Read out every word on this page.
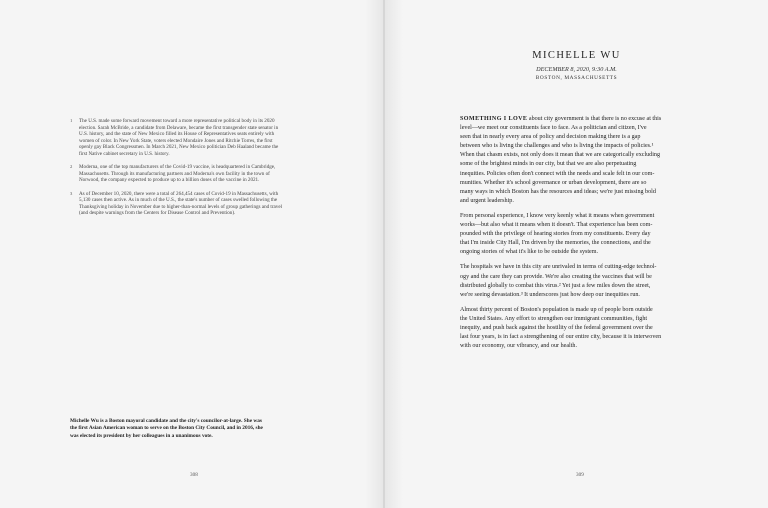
1 The U.S. made some forward movement toward a more representative political body in its 2020
election. Sarah McBride, a candidate from Delaware, became the first transgender state senator in
U.S. history, and the state of New Mexico filled its House of Representatives seats entirely with
women of color. In New York State, voters elected Mondaire Jones and Ritchie Torres, the first
openly gay Black Congressmen. In March 2021, New Mexico politician Deb Haaland became the
first Native cabinet secretary in U.S. history.
2 Moderna, one of the top manufacturers of the Covid-19 vaccine, is headquartered in Cambridge,
Massachusetts. Through its manufacturing partners and Moderna's own facility in the town of
Norwood, the company expected to produce up to a billion doses of the vaccine in 2021.
3 As of December 10, 2020, there were a total of 264,454 cases of Covid-19 in Massachusetts, with
5,130 cases then active. As in much of the U.S., the state's number of cases swelled following the
Thanksgiving holiday in November due to higher-than-normal levels of group gatherings and travel
(and despite warnings from the Centers for Disease Control and Prevention).
Michelle Wu is a Boston mayoral candidate and the city's councilor-at-large. She was
the first Asian American woman to serve on the Boston City Council, and in 2016, she
was elected its president by her colleagues in a unanimous vote.
308
MICHELLE WU
DECEMBER 8, 2020, 9:30 A.M.
BOSTON, MASSACHUSETTS
SOMETHING I LOVE about city government is that there is no excuse at this
level—we meet our constituents face to face. As a politician and citizen, I've
seen that in nearly every area of policy and decision making there is a gap
between who is living the challenges and who is living the impacts of policies.¹
When that chasm exists, not only does it mean that we are categorically excluding
some of the brightest minds in our city, but that we are also perpetuating
inequities. Policies often don't connect with the needs and scale felt in our com-
munities. Whether it's school governance or urban development, there are so
many ways in which Boston has the resources and ideas; we're just missing bold
and urgent leadership.
From personal experience, I know very keenly what it means when government
works—but also what it means when it doesn't. That experience has been com-
pounded with the privilege of hearing stories from my constituents. Every day
that I'm inside City Hall, I'm driven by the memories, the connections, and the
ongoing stories of what it's like to be outside the system.
The hospitals we have in this city are unrivaled in terms of cutting-edge technol-
ogy and the care they can provide. We're also creating the vaccines that will be
distributed globally to combat this virus.² Yet just a few miles down the street,
we're seeing devastation.³ It underscores just how deep our inequities run.
Almost thirty percent of Boston's population is made up of people born outside
the United States. Any effort to strengthen our immigrant communities, fight
inequity, and push back against the hostility of the federal government over the
last four years, is in fact a strengthening of our entire city, because it is interwoven
with our economy, our vibrancy, and our health.
309
